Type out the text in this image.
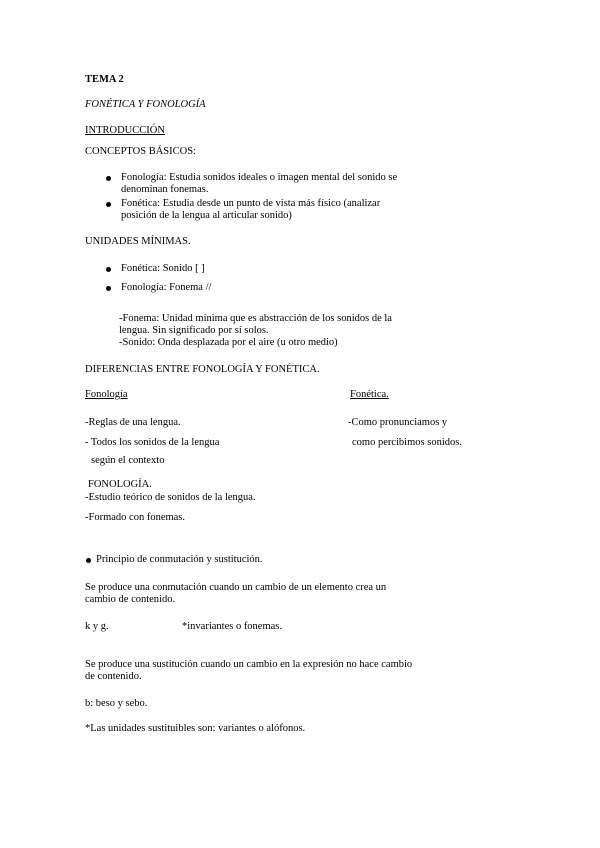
TEMA 2
FONÉTICA Y FONOLOGÍA
INTRODUCCIÓN
CONCEPTOS BÁSICOS:
Fonología: Estudia sonidos ideales o imagen mental del sonido se
denominan fonemas.
Fonética: Estudia desde un punto de vista más físico (analizar
posición de la lengua al articular sonido)
UNIDADES MÍNIMAS.
Fonética: Sonido [ ]
Fonología: Fonema //
-Fonema: Unidad mínima que es abstracción de los sonidos de la
lengua. Sin significado por sí solos.
-Sonido: Onda desplazada por el aire (u otro medio)
DIFERENCIAS ENTRE FONOLOGÍA Y FONÉTICA.
Fonología	Fonética.
-Reglas de una lengua.	-Como pronunciamos y
- Todos los sonidos de la lengua	como percibimos sonidos.
según el contexto
FONOLOGÍA.
-Estudio teórico de sonidos de la lengua.
-Formado con fonemas.
Principio de conmutación y sustitución.
Se produce una conmutación cuando un cambio de un elemento crea un
cambio de contenido.
k y g.	*invariantes o fonemas.
Se produce una sustitución cuando un cambio en la expresión no hace cambio
de contenido.
b: beso y sebo.
*Las unidades sustituibles son: variantes o alófonos.
